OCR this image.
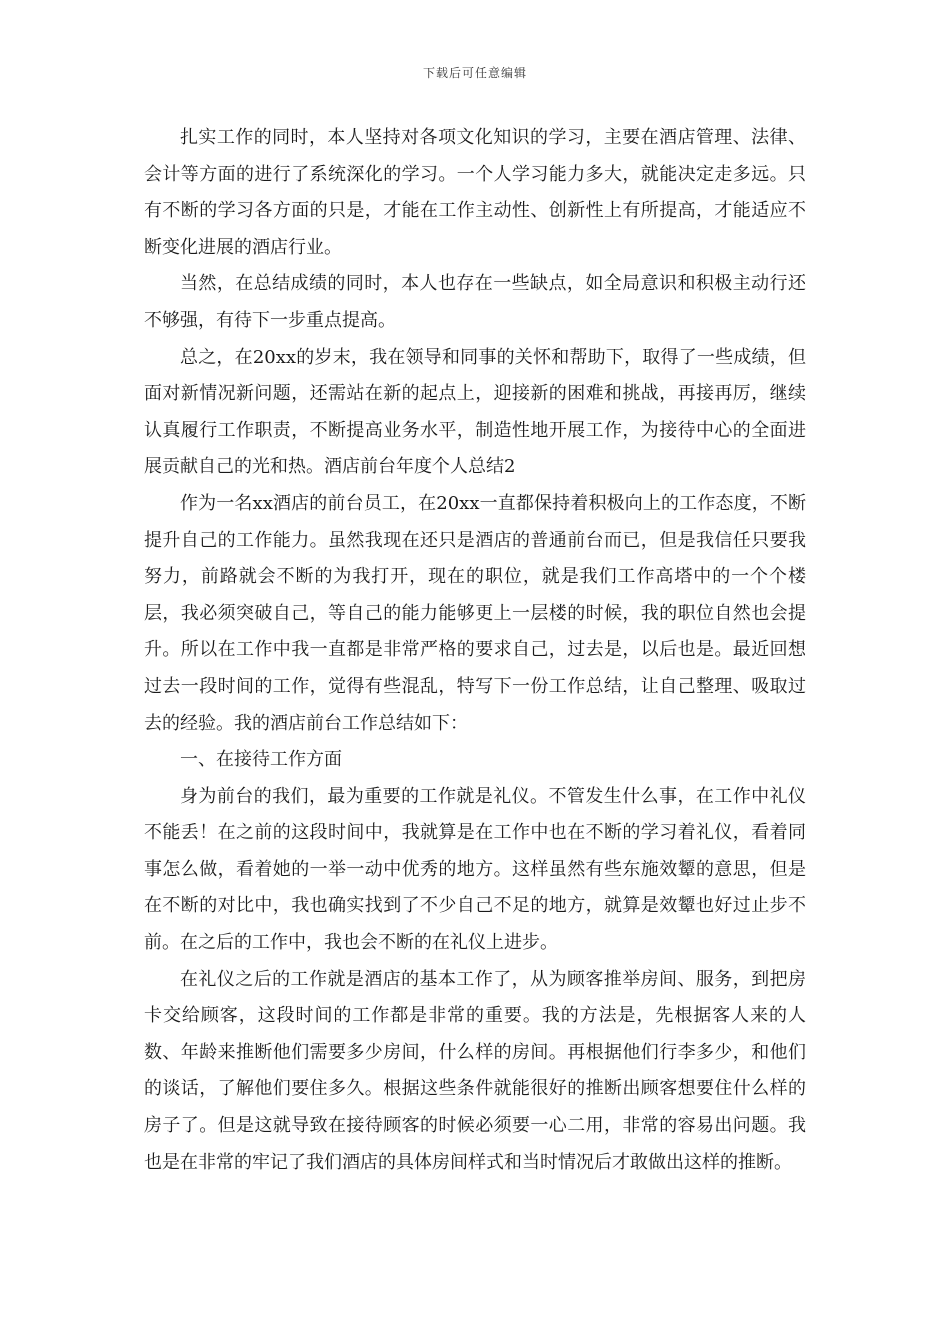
下载后可任意编辑

扎实工作的同时，本人坚持对各项文化知识的学习，主要在酒店管理、法律、会计等方面的进行了系统深化的学习。一个人学习能力多大，就能决定走多远。只有不断的学习各方面的只是，才能在工作主动性、创新性上有所提高，才能适应不断变化进展的酒店行业。

当然，在总结成绩的同时，本人也存在一些缺点，如全局意识和积极主动行还不够强，有待下一步重点提高。

总之，在20xx的岁末，我在领导和同事的关怀和帮助下，取得了一些成绩，但面对新情况新问题，还需站在新的起点上，迎接新的困难和挑战，再接再厉，继续认真履行工作职责，不断提高业务水平，制造性地开展工作，为接待中心的全面进展贡献自己的光和热。酒店前台年度个人总结2

作为一名xx酒店的前台员工，在20xx一直都保持着积极向上的工作态度，不断提升自己的工作能力。虽然我现在还只是酒店的普通前台而已，但是我信任只要我努力，前路就会不断的为我打开，现在的职位，就是我们工作高塔中的一个个楼层，我必须突破自己，等自己的能力能够更上一层楼的时候，我的职位自然也会提升。所以在工作中我一直都是非常严格的要求自己，过去是，以后也是。最近回想过去一段时间的工作，觉得有些混乱，特写下一份工作总结，让自己整理、吸取过去的经验。我的酒店前台工作总结如下：

一、在接待工作方面

身为前台的我们，最为重要的工作就是礼仪。不管发生什么事，在工作中礼仪不能丢！在之前的这段时间中，我就算是在工作中也在不断的学习着礼仪，看着同事怎么做，看着她的一举一动中优秀的地方。这样虽然有些东施效颦的意思，但是在不断的对比中，我也确实找到了不少自己不足的地方，就算是效颦也好过止步不前。在之后的工作中，我也会不断的在礼仪上进步。

在礼仪之后的工作就是酒店的基本工作了，从为顾客推举房间、服务，到把房卡交给顾客，这段时间的工作都是非常的重要。我的方法是，先根据客人来的人数、年龄来推断他们需要多少房间，什么样的房间。再根据他们行李多少，和他们的谈话，了解他们要住多久。根据这些条件就能很好的推断出顾客想要住什么样的房子了。但是这就导致在接待顾客的时候必须要一心二用，非常的容易出问题。我也是在非常的牢记了我们酒店的具体房间样式和当时情况后才敢做出这样的推断。
